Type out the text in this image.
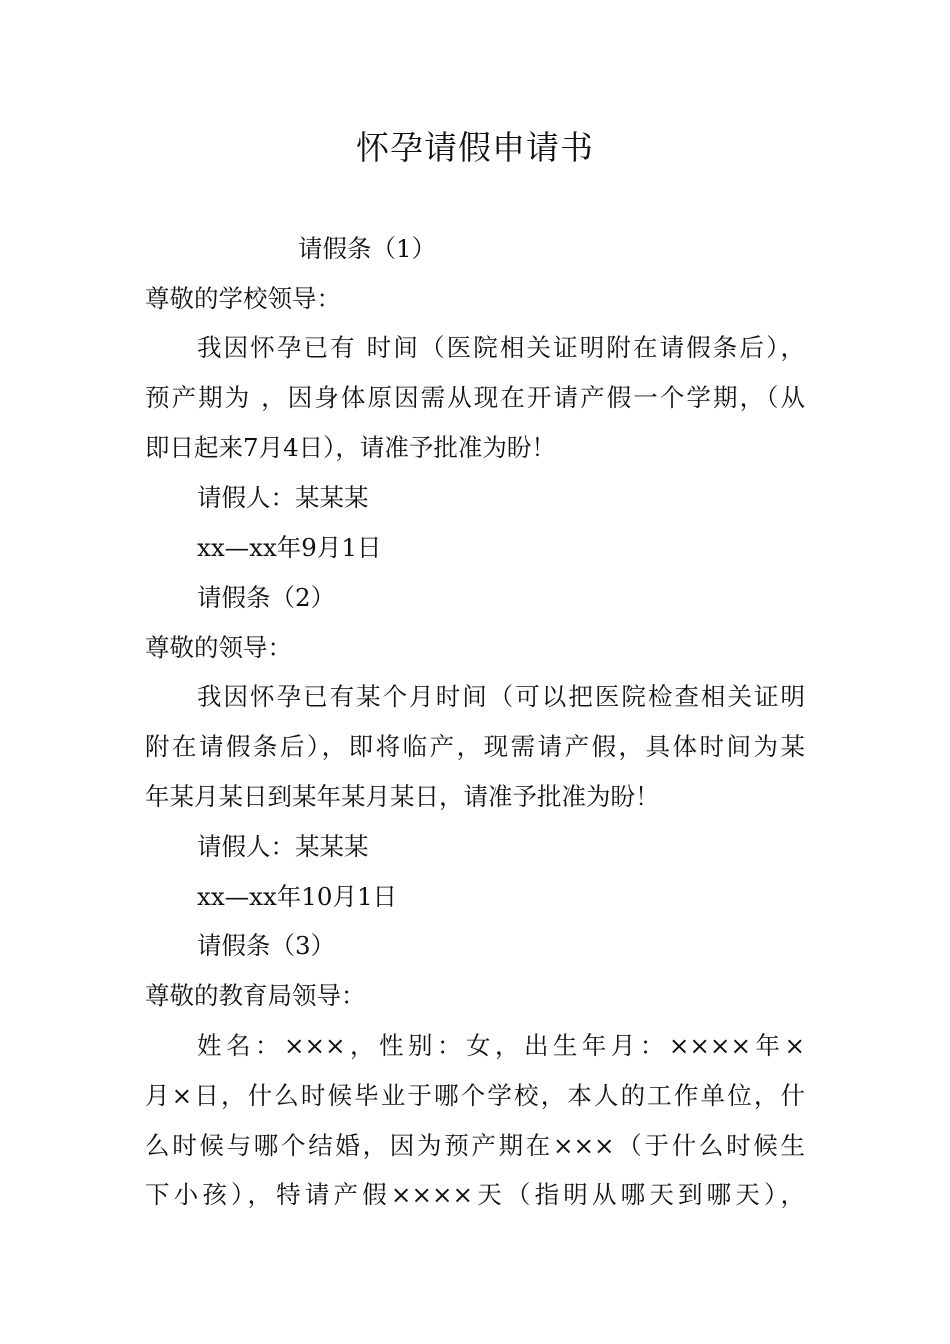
怀孕请假申请书
请假条（1）
尊敬的学校领导：
我因怀孕已有 时间（医院相关证明附在请假条后），
预产期为 ，因身体原因需从现在开请产假一个学期，（从
即日起来7月4日），请准予批准为盼！
请假人：某某某
xx—xx年9月1日
请假条（2）
尊敬的领导：
我因怀孕已有某个月时间（可以把医院检查相关证明
附在请假条后），即将临产，现需请产假，具体时间为某
年某月某日到某年某月某日，请准予批准为盼！
请假人：某某某
xx—xx年10月1日
请假条（3）
尊敬的教育局领导：
姓名：×××，性别：女，出生年月：××××年×
月×日，什么时候毕业于哪个学校，本人的工作单位，什
么时候与哪个结婚，因为预产期在×××（于什么时候生
下小孩），特请产假××××天（指明从哪天到哪天），
